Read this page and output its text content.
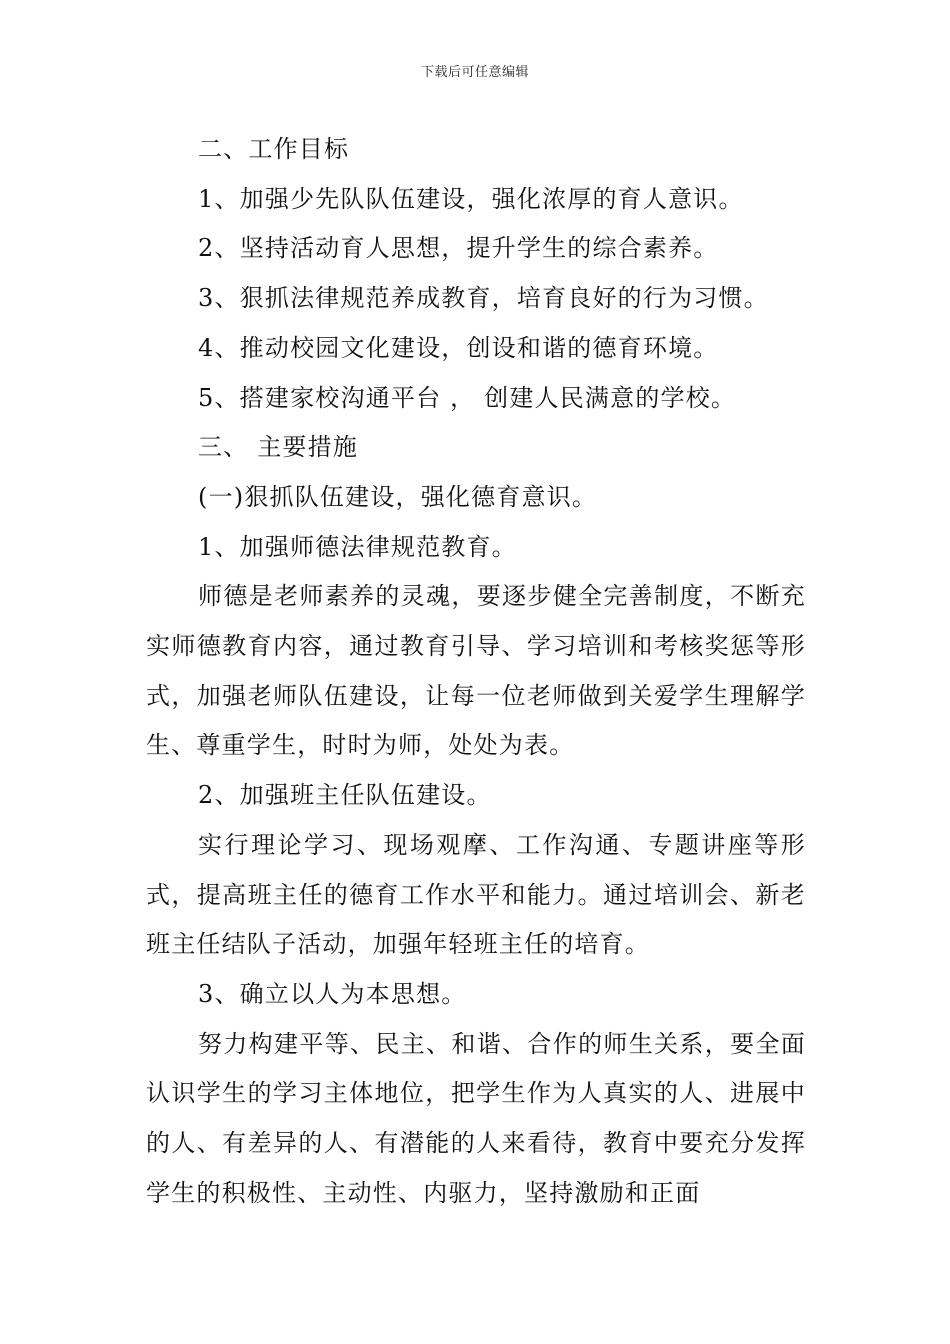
下载后可任意编辑

二、工作目标

1、加强少先队队伍建设，强化浓厚的育人意识。

2、坚持活动育人思想，提升学生的综合素养。

3、狠抓法律规范养成教育，培育良好的行为习惯。

4、推动校园文化建设，创设和谐的德育环境。

5、搭建家校沟通平台 ， 创建人民满意的学校。

三、 主要措施

(一)狠抓队伍建设，强化德育意识。

1、加强师德法律规范教育。

师德是老师素养的灵魂，要逐步健全完善制度，不断充实师德教育内容，通过教育引导、学习培训和考核奖惩等形式，加强老师队伍建设，让每一位老师做到关爱学生理解学生、尊重学生，时时为师，处处为表。

2、加强班主任队伍建设。

实行理论学习、现场观摩、工作沟通、专题讲座等形式，提高班主任的德育工作水平和能力。通过培训会、新老班主任结队子活动，加强年轻班主任的培育。

3、确立以人为本思想。

努力构建平等、民主、和谐、合作的师生关系，要全面认识学生的学习主体地位，把学生作为人真实的人、进展中的人、有差异的人、有潜能的人来看待，教育中要充分发挥学生的积极性、主动性、内驱力，坚持激励和正面
